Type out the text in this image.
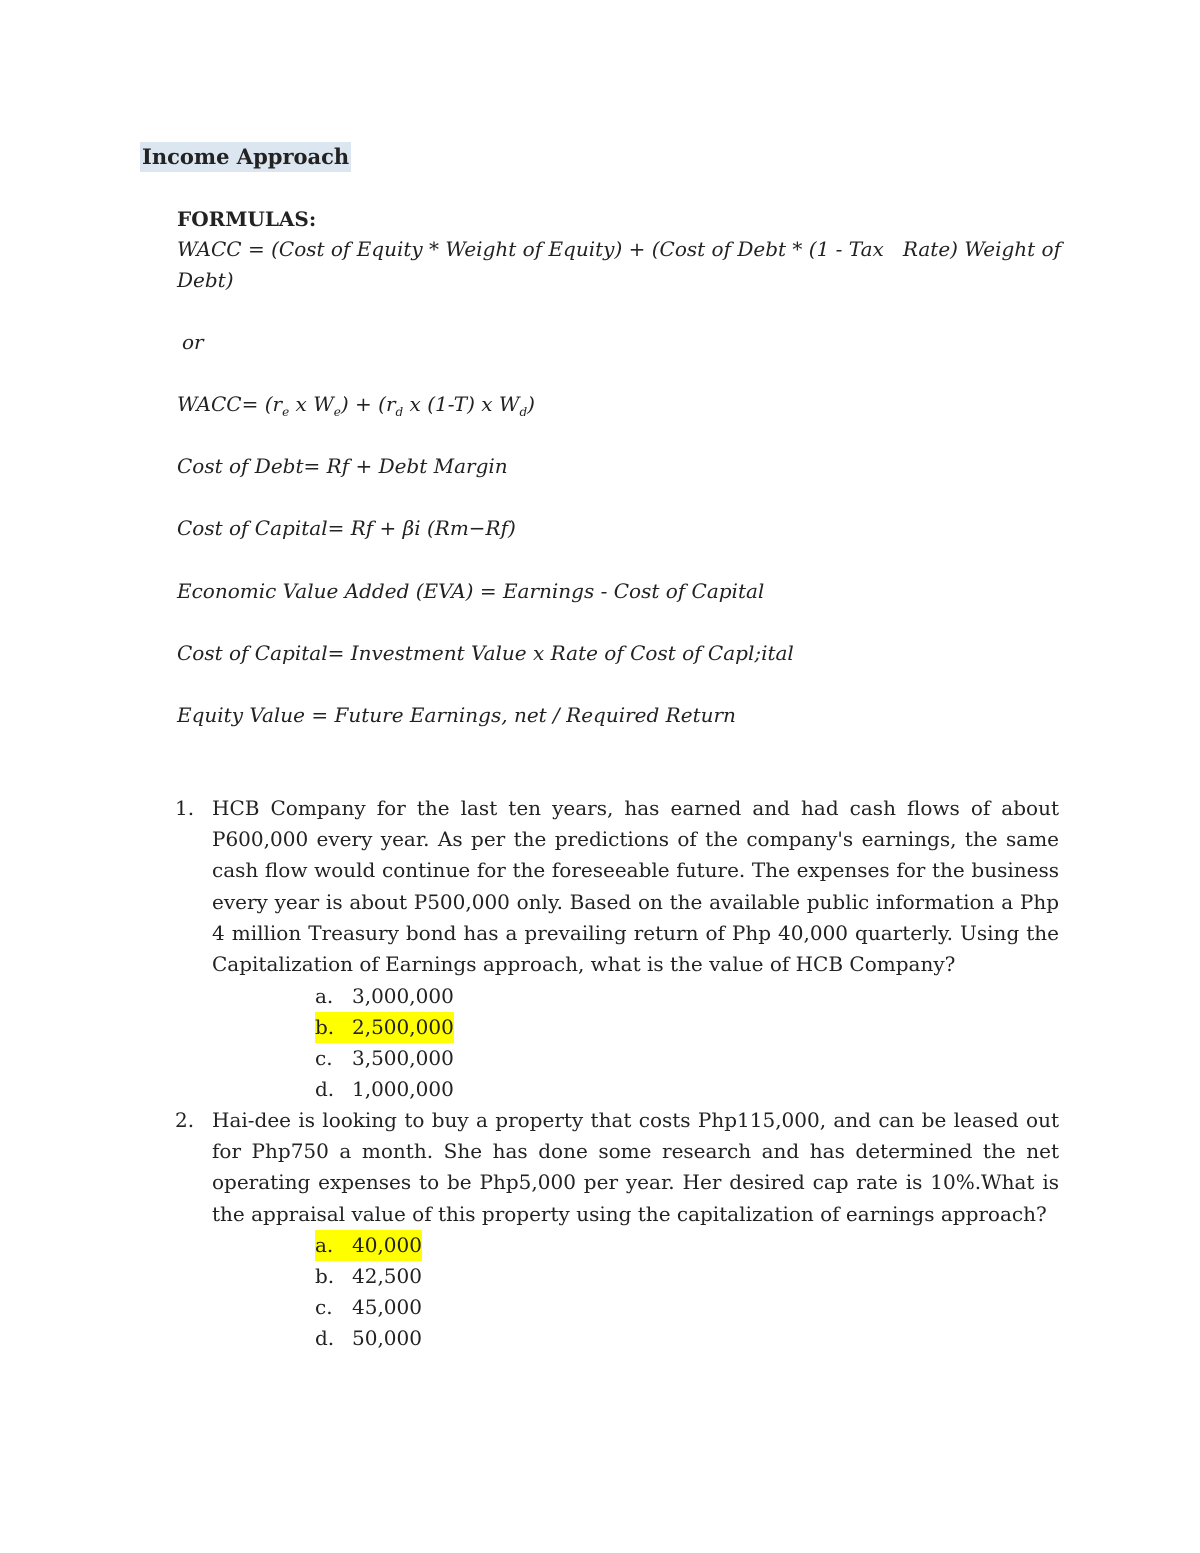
Income Approach
FORMULAS:
WACC = (Cost of Equity * Weight of Equity) + (Cost of Debt * (1 - Tax Rate) Weight of
Debt)
or
WACC= ($r_e$ x $W_e) + (r_d$ x (1-T) x $W_d$)
Cost of Debt= Rf + Debt Margin
Cost of Capital= Rf + βi (Rm−Rf)
Economic Value Added (EVA) = Earnings - Cost of Capital
Cost of Capital= Investment Value x Rate of Cost of Capl;ital
Equity Value = Future Earnings, net / Required Return
1. HCB Company for the last ten years, has earned and had cash flows of about P600,000 every year. As per the predictions of the company's earnings, the same cash flow would continue for the foreseeable future. The expenses for the business every year is about P500,000 only. Based on the available public information a Php 4 million Treasury bond has a prevailing return of Php 40,000 quarterly. Using the Capitalization of Earnings approach, what is the value of HCB Company?
a. 3,000,000
b. 2,500,000
c. 3,500,000
d. 1,000,000
2. Hai-dee is looking to buy a property that costs Php115,000, and can be leased out for Php750 a month. She has done some research and has determined the net operating expenses to be Php5,000 per year. Her desired cap rate is 10%.What is the appraisal value of this property using the capitalization of earnings approach?
a. 40,000
b. 42,500
c. 45,000
d. 50,000
